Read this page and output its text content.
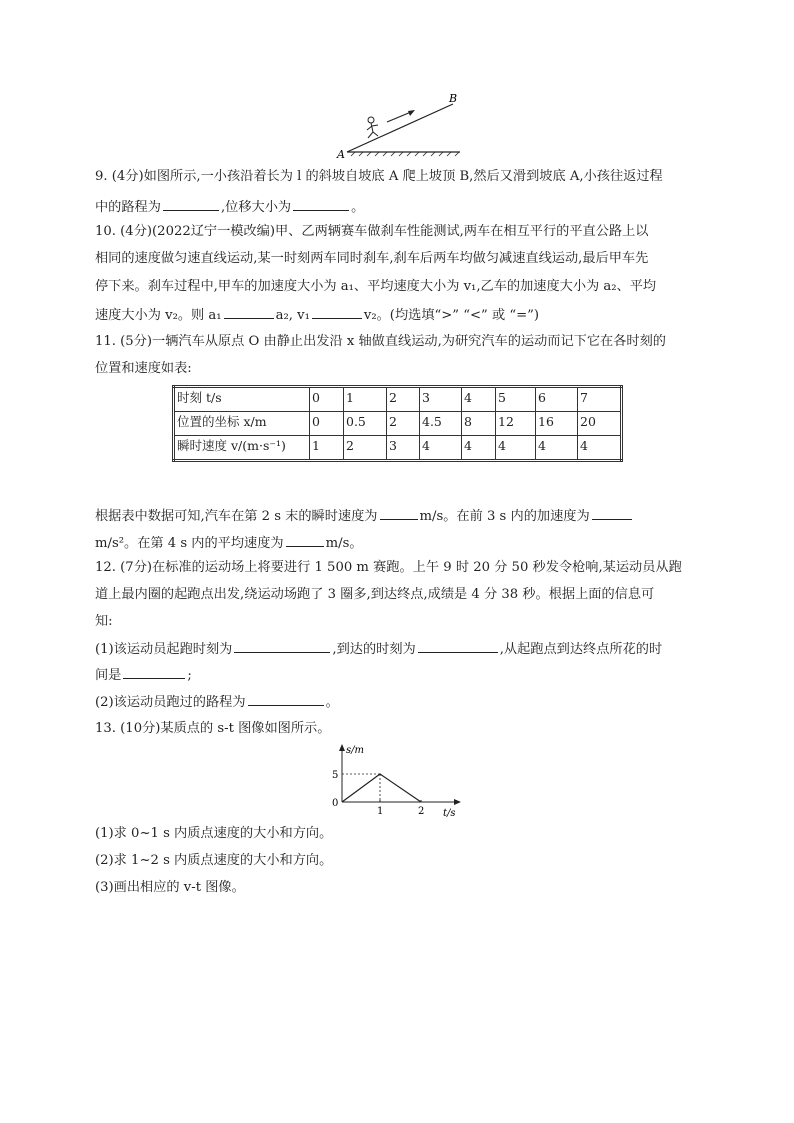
A
B
9. (4分)如图所示,一小孩沿着长为 l 的斜坡自坡底 A 爬上坡顶 B,然后又滑到坡底 A,小孩往返过程
中的路程为	,位移大小为	。
10. (4分)(2022辽宁一模改编)甲、乙两辆赛车做刹车性能测试,两车在相互平行的平直公路上以
相同的速度做匀速直线运动,某一时刻两车同时刹车,刹车后两车均做匀减速直线运动,最后甲车先
停下来。刹车过程中,甲车的加速度大小为 a₁、平均速度大小为 v₁,乙车的加速度大小为 a₂、平均
速度大小为 v₂。则 a₁	a₂, v₁	v₂。(均选填“>” “<” 或 “=”)
11. (5分)一辆汽车从原点 O 由静止出发沿 x 轴做直线运动,为研究汽车的运动而记下它在各时刻的
位置和速度如表:
时刻 t/s	0	1	2	3	4	5	6	7
位置的坐标 x/m	0	0.5	2	4.5	8	12	16	20
瞬时速度 v/(m·s⁻¹)	1	2	3	4	4	4	4	4
根据表中数据可知,汽车在第 2 s 末的瞬时速度为	m/s。在前 3 s 内的加速度为
m/s²。在第 4 s 内的平均速度为	m/s。
12. (7分)在标准的运动场上将要进行 1 500 m 赛跑。上午 9 时 20 分 50 秒发令枪响,某运动员从跑
道上最内圈的起跑点出发,绕运动场跑了 3 圈多,到达终点,成绩是 4 分 38 秒。根据上面的信息可
知:
(1)该运动员起跑时刻为	,到达的时刻为	,从起跑点到达终点所花的时
间是	;
(2)该运动员跑过的路程为	。
13. (10分)某质点的 s-t 图像如图所示。
s/m
t/s
5
0
1	2
(1)求 0~1 s 内质点速度的大小和方向。
(2)求 1~2 s 内质点速度的大小和方向。
(3)画出相应的 v-t 图像。
